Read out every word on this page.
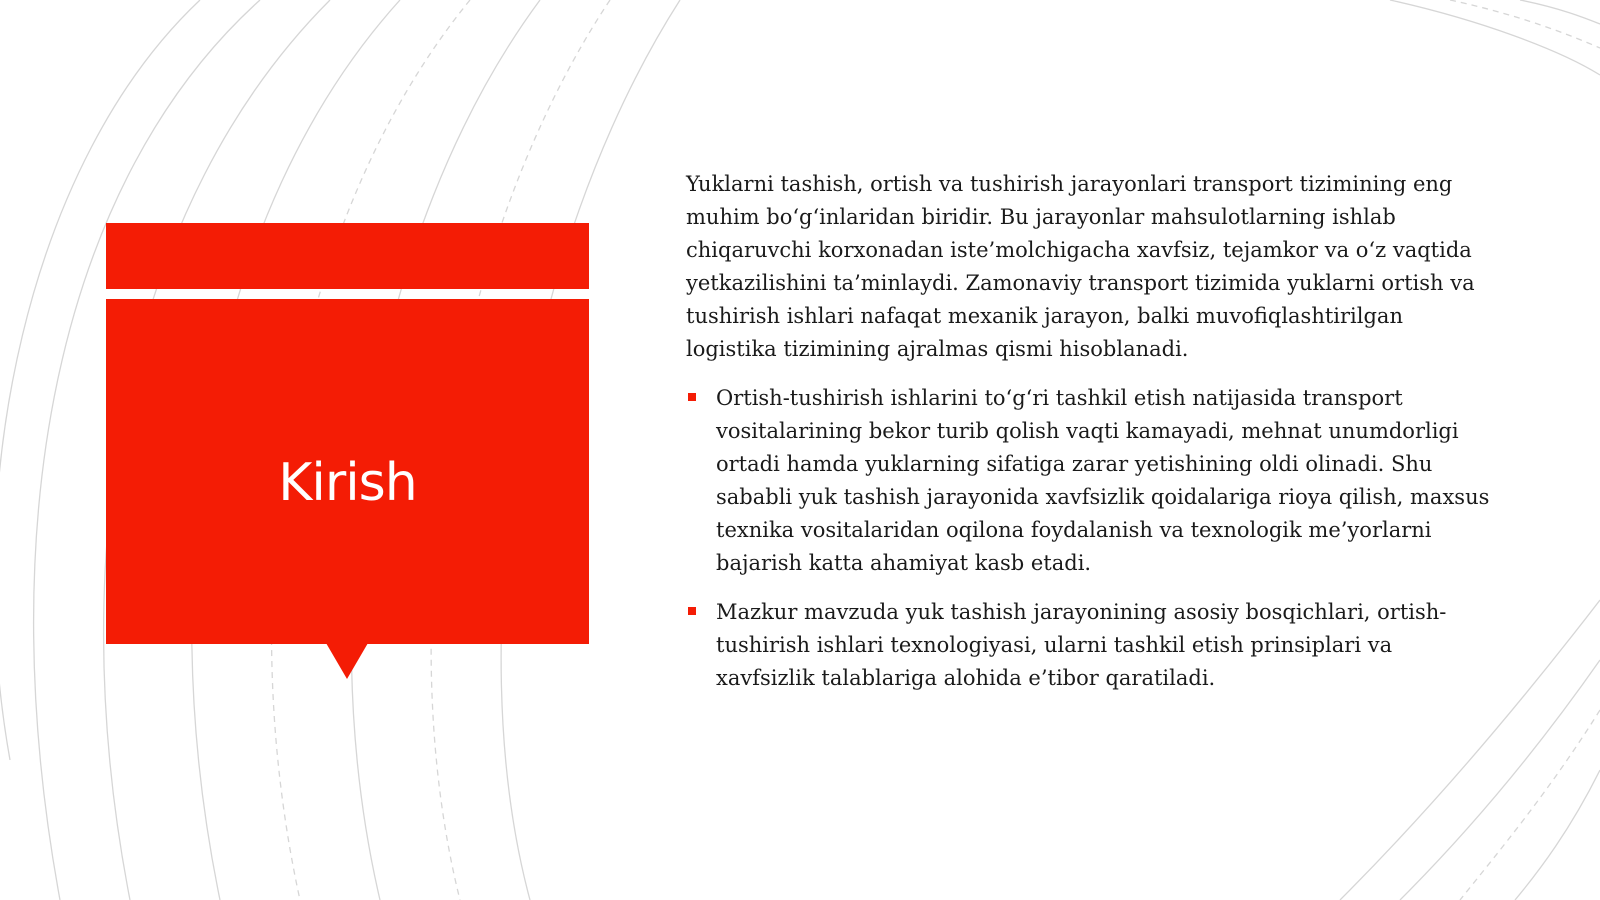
Kirish

Yuklarni tashish, ortish va tushirish jarayonlari transport tizimining eng muhim bo‘g‘inlaridan biridir. Bu jarayonlar mahsulotlarning ishlab chiqaruvchi korxonadan iste’molchigacha xavfsiz, tejamkor va o‘z vaqtida yetkazilishini ta’minlaydi. Zamonaviy transport tizimida yuklarni ortish va tushirish ishlari nafaqat mexanik jarayon, balki muvofiqlashtirilgan logistika tizimining ajralmas qismi hisoblanadi.

Ortish-tushirish ishlarini to‘g‘ri tashkil etish natijasida transport vositalarining bekor turib qolish vaqti kamayadi, mehnat unumdorligi ortadi hamda yuklarning sifatiga zarar yetishining oldi olinadi. Shu sababli yuk tashish jarayonida xavfsizlik qoidalariga rioya qilish, maxsus texnika vositalaridan oqilona foydalanish va texnologik me’yorlarni bajarish katta ahamiyat kasb etadi.
Mazkur mavzuda yuk tashish jarayonining asosiy bosqichlari, ortish-tushirish ishlari texnologiyasi, ularni tashkil etish prinsiplari va xavfsizlik talablariga alohida e’tibor qaratiladi.
